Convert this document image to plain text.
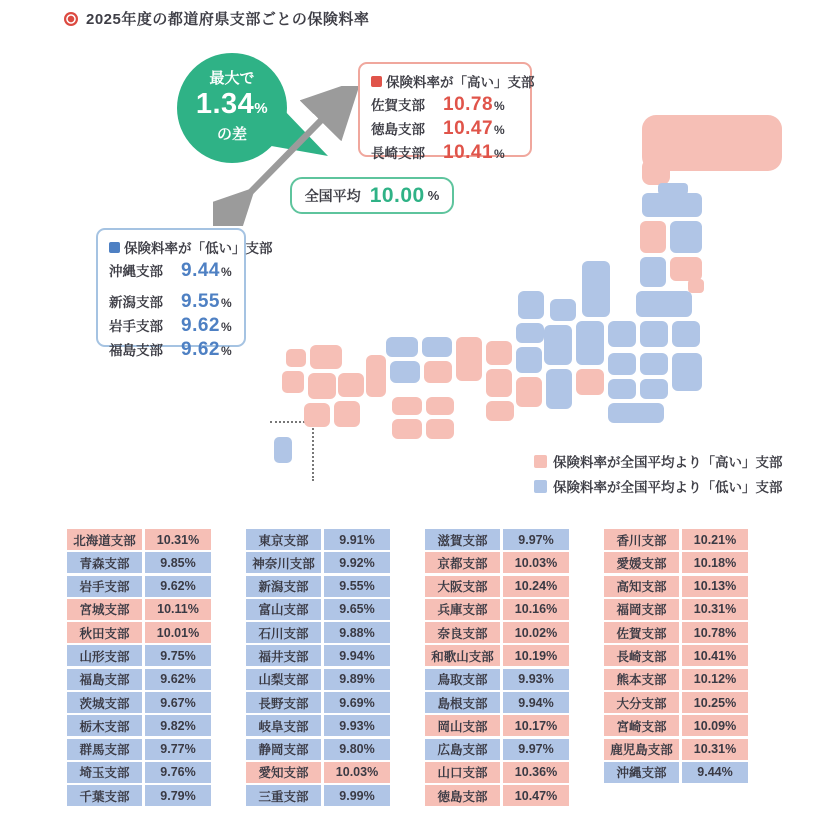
2025年度の都道府県支部ごとの保険料率
最大で
1.34%
の差
保険料率が「高い」支部
佐賀支部 10.78 %
徳島支部 10.47 %
長崎支部 10.41 %
全国平均 10.00 %
保険料率が「低い」支部
沖縄支部 9.44 %
新潟支部 9.55 %
岩手支部 9.62 %
福島支部 9.62 %
保険料率が全国平均より「高い」支部
保険料率が全国平均より「低い」支部
北海道支部	10.31%
青森支部	9.85%
岩手支部	9.62%
宮城支部	10.11%
秋田支部	10.01%
山形支部	9.75%
福島支部	9.62%
茨城支部	9.67%
栃木支部	9.82%
群馬支部	9.77%
埼玉支部	9.76%
千葉支部	9.79%
東京支部	9.91%
神奈川支部	9.92%
新潟支部	9.55%
富山支部	9.65%
石川支部	9.88%
福井支部	9.94%
山梨支部	9.89%
長野支部	9.69%
岐阜支部	9.93%
静岡支部	9.80%
愛知支部	10.03%
三重支部	9.99%
滋賀支部	9.97%
京都支部	10.03%
大阪支部	10.24%
兵庫支部	10.16%
奈良支部	10.02%
和歌山支部	10.19%
鳥取支部	9.93%
島根支部	9.94%
岡山支部	10.17%
広島支部	9.97%
山口支部	10.36%
徳島支部	10.47%
香川支部	10.21%
愛媛支部	10.18%
高知支部	10.13%
福岡支部	10.31%
佐賀支部	10.78%
長崎支部	10.41%
熊本支部	10.12%
大分支部	10.25%
宮崎支部	10.09%
鹿児島支部	10.31%
沖縄支部	9.44%
